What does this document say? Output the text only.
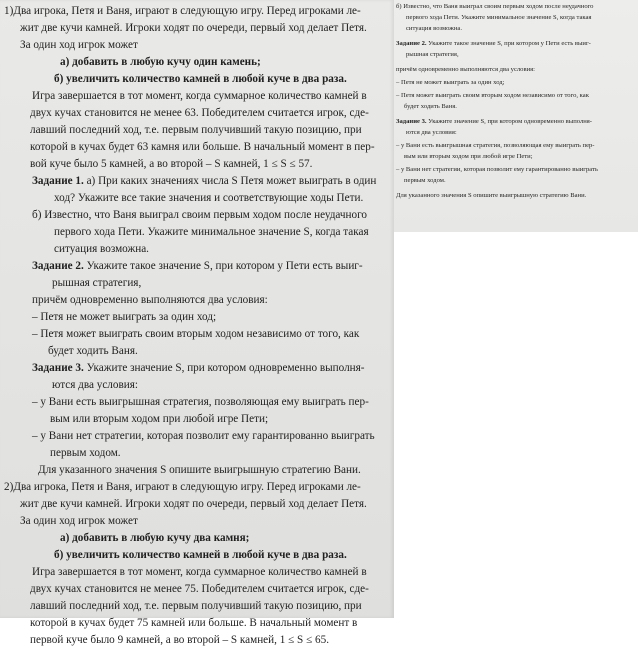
1)Два игрока, Петя и Ваня, играют в следующую игру. Перед игроками ле-
жит две кучи камней. Игроки ходят по очереди, первый ход делает Петя.
За один ход игрок может
а) добавить в любую кучу один камень;
б) увеличить количество камней в любой куче в два раза.
Игра завершается в тот момент, когда суммарное количество камней в
двух кучах становится не менее 63. Победителем считается игрок, сде-
лавший последний ход, т.е. первым получивший такую позицию, при
которой в кучах будет 63 камня или больше. В начальный момент в пер-
вой куче было 5 камней, а во второй – S камней, 1 ≤ S ≤ 57.
Задание 1. а) При каких значениях числа S Петя может выиграть в один
ход? Укажите все такие значения и соответствующие ходы Пети.
б) Известно, что Ваня выиграл своим первым ходом после неудачного
первого хода Пети. Укажите минимальное значение S, когда такая
ситуация возможна.
Задание 2. Укажите такое значение S, при котором у Пети есть выиг-
рышная стратегия,
причём одновременно выполняются два условия:
– Петя не может выиграть за один ход;
– Петя может выиграть своим вторым ходом независимо от того, как
будет ходить Ваня.
Задание 3. Укажите значение S, при котором одновременно выполня-
ются два условия:
– у Вани есть выигрышная стратегия, позволяющая ему выиграть пер-
вым или вторым ходом при любой игре Пети;
– у Вани нет стратегии, которая позволит ему гарантированно выиграть
первым ходом.
Для указанного значения S опишите выигрышную стратегию Вани.
2)Два игрока, Петя и Ваня, играют в следующую игру. Перед игроками ле-
жит две кучи камней. Игроки ходят по очереди, первый ход делает Петя.
За один ход игрок может
а) добавить в любую кучу два камня;
б) увеличить количество камней в любой куче в два раза.
Игра завершается в тот момент, когда суммарное количество камней в
двух кучах становится не менее 75. Победителем считается игрок, сде-
лавший последний ход, т.е. первым получивший такую позицию, при
которой в кучах будет 75 камней или больше. В начальный момент в
первой куче было 9 камней, а во второй – S камней, 1 ≤ S ≤ 65.
б) Известно, что Ваня выиграл своим первым ходом после неудачного
первого хода Пети. Укажите минимальное значение S, когда такая
ситуация возможна.
Задание 2. Укажите такое значение S, при котором у Пети есть выиг-
рышная стратегия,
причём одновременно выполняются два условия:
– Петя не может выиграть за один ход;
– Петя может выиграть своим вторым ходом независимо от того, как
будет ходить Ваня.
Задание 3. Укажите значение S, при котором одновременно выполня-
ются два условия:
– у Вани есть выигрышная стратегия, позволяющая ему выиграть пер-
вым или вторым ходом при любой игре Пети;
– у Вани нет стратегии, которая позволит ему гарантированно выиграть
первым ходом.
Для указанного значения S опишите выигрышную стратегию Вани.
